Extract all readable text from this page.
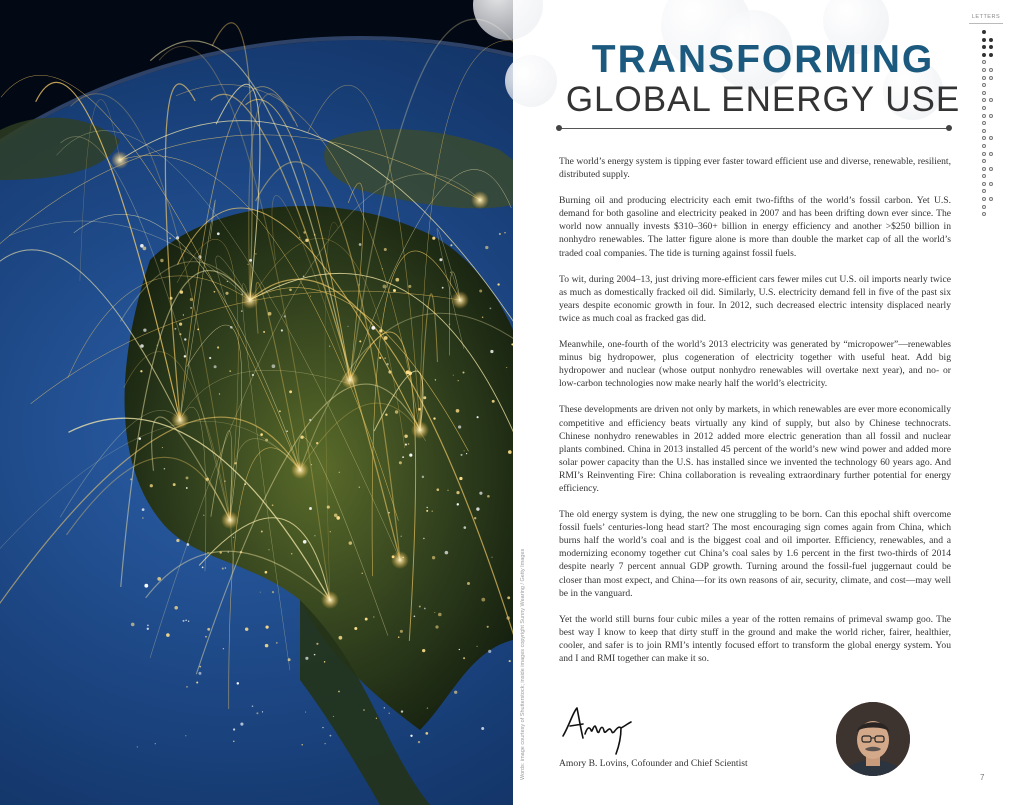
Words: image courtesy of Shutterstock; inside images copyright Sunny Wearing / Getty Images
TRANSFORMING
GLOBAL ENERGY USE

The world’s energy system is tipping ever faster toward efficient use and diverse, renewable, resilient, distributed supply.

Burning oil and producing electricity each emit two-fifths of the world’s fossil carbon. Yet U.S. demand for both gasoline and electricity peaked in 2007 and has been drifting down ever since. The world now annually invests $310–360+ billion in energy efficiency and another >$250 billion in nonhydro renewables. The latter figure alone is more than double the market cap of all the world’s traded coal companies. The tide is turning against fossil fuels.

To wit, during 2004–13, just driving more-efficient cars fewer miles cut U.S. oil imports nearly twice as much as domestically fracked oil did. Similarly, U.S. electricity demand fell in five of the past six years despite economic growth in four. In 2012, such decreased electric intensity displaced nearly twice as much coal as fracked gas did.

Meanwhile, one-fourth of the world’s 2013 electricity was generated by “micropower”—renewables minus big hydropower, plus cogeneration of electricity together with useful heat. Add big hydropower and nuclear (whose output nonhydro renewables will overtake next year), and no- or low-carbon technologies now make nearly half the world’s electricity.

These developments are driven not only by markets, in which renewables are ever more economically competitive and efficiency beats virtually any kind of supply, but also by Chinese technocrats. Chinese nonhydro renewables in 2012 added more electric generation than all fossil and nuclear plants combined. China in 2013 installed 45 percent of the world’s new wind power and added more solar power capacity than the U.S. has installed since we invented the technology 60 years ago. And RMI’s Reinventing Fire: China collaboration is revealing extraordinary further potential for energy efficiency.

The old energy system is dying, the new one struggling to be born. Can this epochal shift overcome fossil fuels’ centuries-long head start? The most encouraging sign comes again from China, which burns half the world’s coal and is the biggest coal and oil importer. Efficiency, renewables, and a modernizing economy together cut China’s coal sales by 1.6 percent in the first two-thirds of 2014 despite nearly 7 percent annual GDP growth. Turning around the fossil-fuel juggernaut could be closer than most expect, and China—for its own reasons of air, security, climate, and cost—may well be in the vanguard.

Yet the world still burns four cubic miles a year of the rotten remains of primeval swamp goo. The best way I know to keep that dirty stuff in the ground and make the world richer, fairer, healthier, cooler, and safer is to join RMI’s intently focused effort to transform the global energy system. You and I and RMI together can make it so.

Amory B. Lovins, Cofounder and Chief Scientist
7
LETTERS
